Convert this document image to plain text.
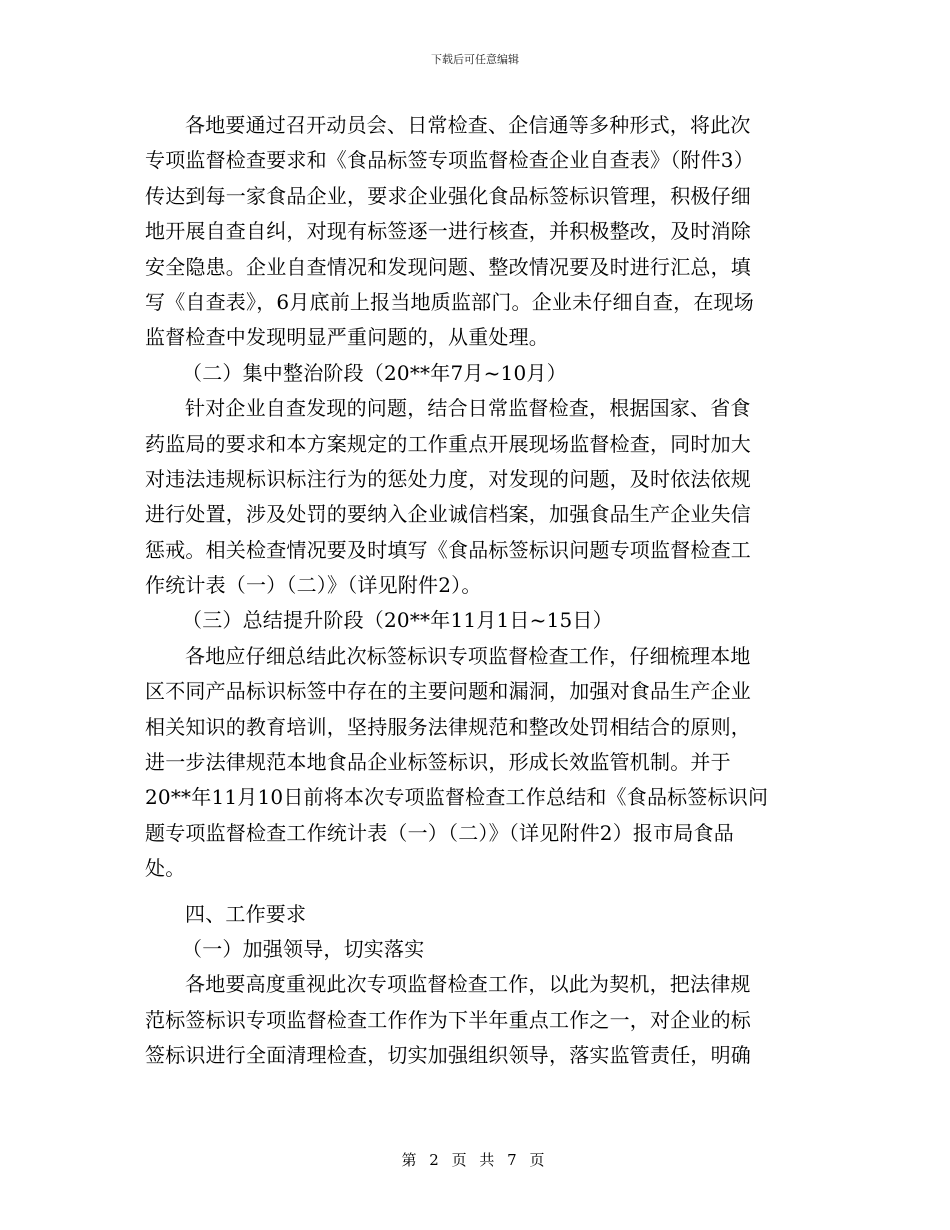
下载后可任意编辑
各地要通过召开动员会、日常检查、企信通等多种形式，将此次
专项监督检查要求和《食品标签专项监督检查企业自查表》（附件3）
传达到每一家食品企业，要求企业强化食品标签标识管理，积极仔细
地开展自查自纠，对现有标签逐一进行核查，并积极整改，及时消除
安全隐患。企业自查情况和发现问题、整改情况要及时进行汇总，填
写《自查表》，6月底前上报当地质监部门。企业未仔细自查，在现场
监督检查中发现明显严重问题的，从重处理。
（二）集中整治阶段（20**年7月~10月）
针对企业自查发现的问题，结合日常监督检查，根据国家、省食
药监局的要求和本方案规定的工作重点开展现场监督检查，同时加大
对违法违规标识标注行为的惩处力度，对发现的问题，及时依法依规
进行处置，涉及处罚的要纳入企业诚信档案，加强食品生产企业失信
惩戒。相关检查情况要及时填写《食品标签标识问题专项监督检查工
作统计表（一）（二）》（详见附件2）。
（三）总结提升阶段（20**年11月1日~15日）
各地应仔细总结此次标签标识专项监督检查工作，仔细梳理本地
区不同产品标识标签中存在的主要问题和漏洞，加强对食品生产企业
相关知识的教育培训，坚持服务法律规范和整改处罚相结合的原则，
进一步法律规范本地食品企业标签标识，形成长效监管机制。并于
20**年11月10日前将本次专项监督检查工作总结和《食品标签标识问
题专项监督检查工作统计表（一）（二）》（详见附件2）报市局食品
处。
四、工作要求
（一）加强领导，切实落实
各地要高度重视此次专项监督检查工作，以此为契机，把法律规
范标签标识专项监督检查工作作为下半年重点工作之一，对企业的标
签标识进行全面清理检查，切实加强组织领导，落实监管责任，明确
第 2 页 共 7 页
